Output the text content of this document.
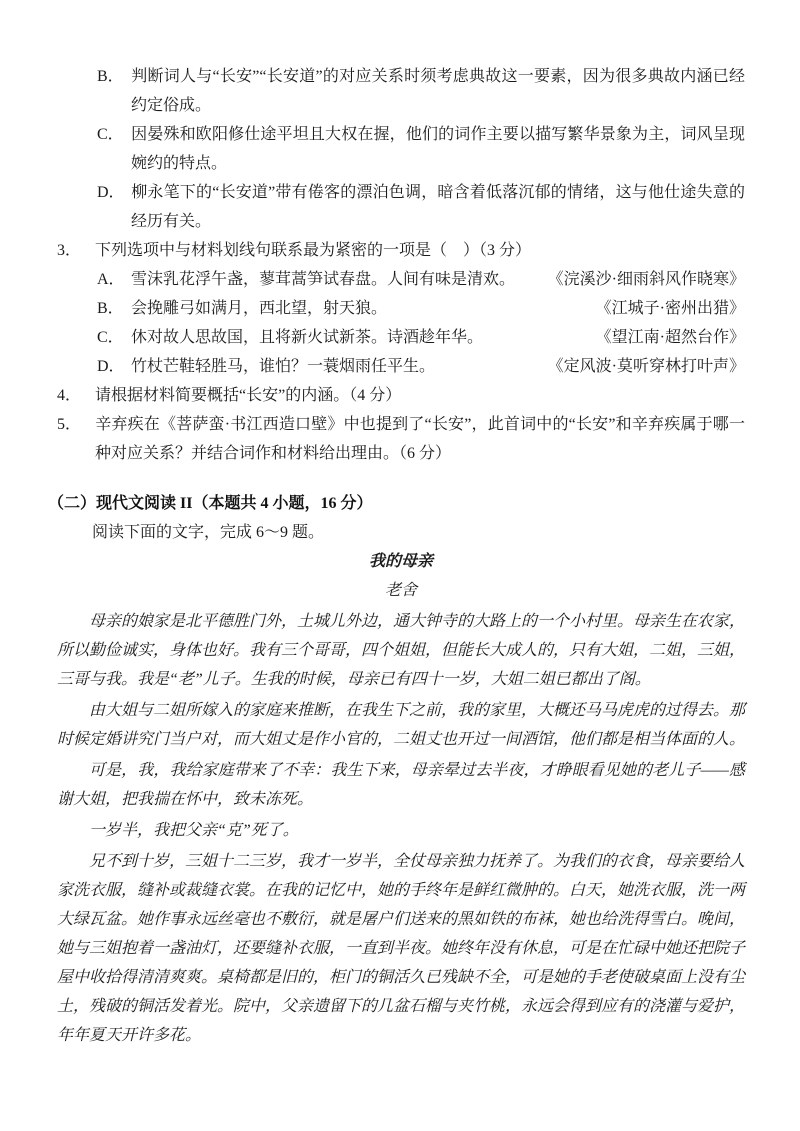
B． 判断词人与“长安”“长安道”的对应关系时须考虑典故这一要素，因为很多典故内涵已经约定俗成。
C． 因晏殊和欧阳修仕途平坦且大权在握，他们的词作主要以描写繁华景象为主，词风呈现婉约的特点。
D． 柳永笔下的“长安道”带有倦客的漂泊色调，暗含着低落沉郁的情绪，这与他仕途失意的经历有关。
3． 下列选项中与材料划线句联系最为紧密的一项是（　）（3 分）
A． 雪沫乳花浮午盏，蓼茸蒿笋试春盘。人间有味是清欢。 《浣溪沙·细雨斜风作晓寒》
B． 会挽雕弓如满月，西北望，射天狼。	《江城子·密州出猎》
C． 休对故人思故国，且将新火试新茶。诗酒趁年华。	《望江南·超然台作》
D． 竹杖芒鞋轻胜马，谁怕？一蓑烟雨任平生。	《定风波·莫听穿林打叶声》
4． 请根据材料简要概括“长安”的内涵。（4 分）
5． 辛弃疾在《菩萨蛮·书江西造口壁》中也提到了“长安”，此首词中的“长安”和辛弃疾属于哪一种对应关系？并结合词作和材料给出理由。（6 分）
（二）现代文阅读 II（本题共 4 小题，16 分）
阅读下面的文字，完成 6～9 题。
我的母亲
老舍

母亲的娘家是北平德胜门外，土城儿外边，通大钟寺的大路上的一个小村里。母亲生在农家，所以勤俭诚实，身体也好。我有三个哥哥，四个姐姐，但能长大成人的，只有大姐，二姐，三姐，三哥与我。我是“老”儿子。生我的时候，母亲已有四十一岁，大姐二姐已都出了阁。

由大姐与二姐所嫁入的家庭来推断，在我生下之前，我的家里，大概还马马虎虎的过得去。那时候定婚讲究门当户对，而大姐丈是作小官的，二姐丈也开过一间酒馆，他们都是相当体面的人。

可是，我，我给家庭带来了不幸：我生下来，母亲晕过去半夜，才睁眼看见她的老儿子——感谢大姐，把我揣在怀中，致未冻死。

一岁半，我把父亲“克”死了。

兄不到十岁，三姐十二三岁，我才一岁半，全仗母亲独力抚养了。为我们的衣食，母亲要给人家洗衣服，缝补或裁缝衣裳。在我的记忆中，她的手终年是鲜红微肿的。白天，她洗衣服，洗一两大绿瓦盆。她作事永远丝毫也不敷衍，就是屠户们送来的黑如铁的布袜，她也给洗得雪白。晚间，她与三姐抱着一盏油灯，还要缝补衣服，一直到半夜。她终年没有休息，可是在忙碌中她还把院子屋中收拾得清清爽爽。桌椅都是旧的，柜门的铜活久已残缺不全，可是她的手老使破桌面上没有尘土，残破的铜活发着光。院中，父亲遗留下的几盆石榴与夹竹桃，永远会得到应有的浇灌与爱护，年年夏天开许多花。
